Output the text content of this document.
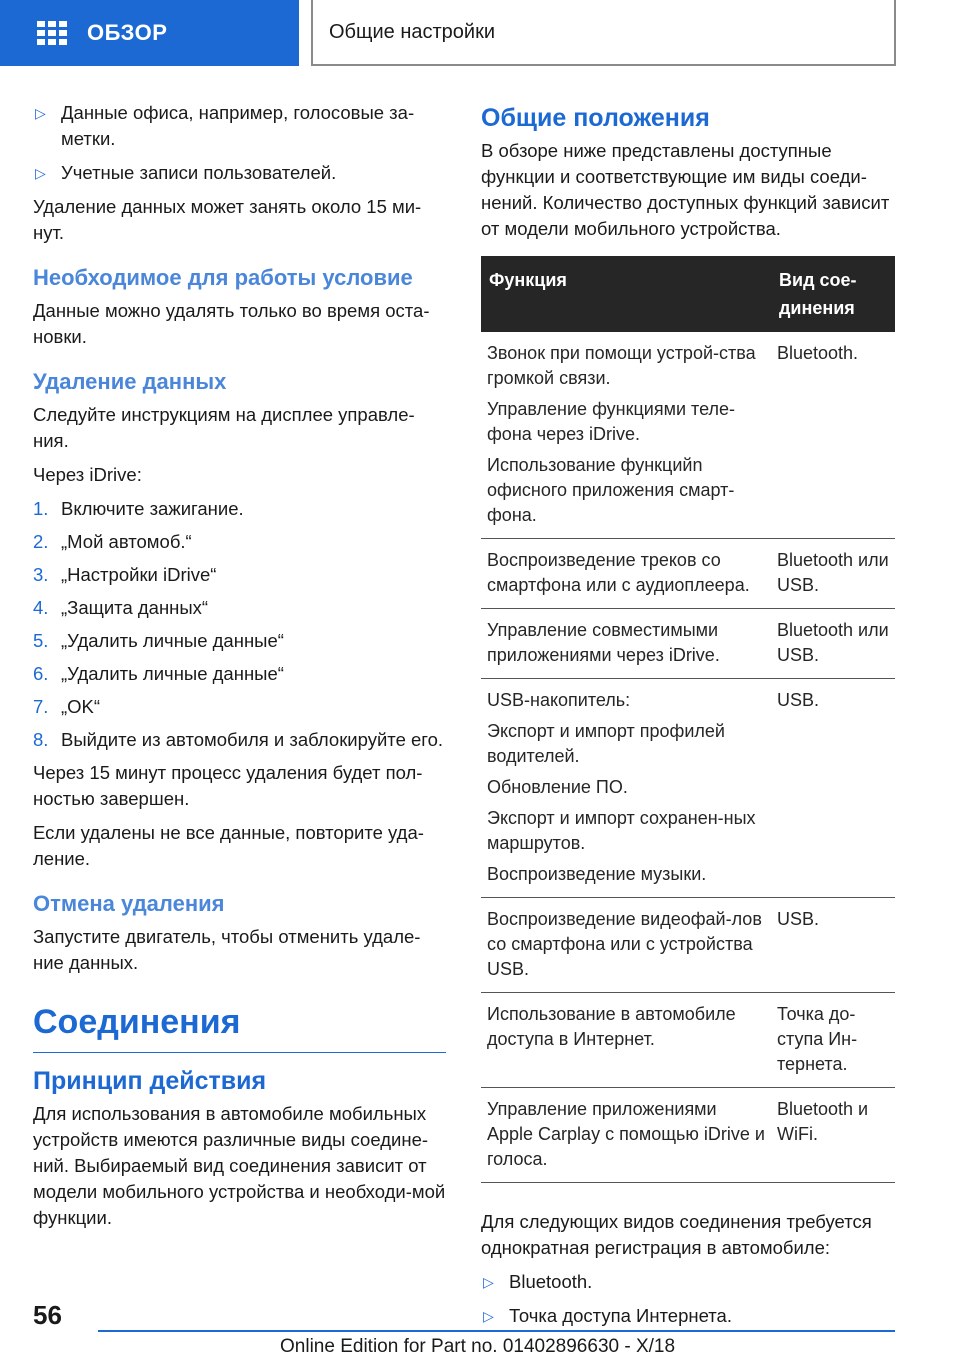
ОБЗОР	Общие настройки
▷ Данные офиса, например, голосовые за-метки.
▷ Учетные записи пользователей.

Удаление данных может занять около 15 ми-нут.

Необходимое для работы условие

Данные можно удалять только во время оста-новки.

Удаление данных

Следуйте инструкциям на дисплее управле-ния.

Через iDrive:

1. Включите зажигание.
2. „Мой автомоб.“
3. „Настройки iDrive“
4. „Защита данных“
5. „Удалить личные данные“
6. „Удалить личные данные“
7. „OK“
8. Выйдите из автомобиля и заблокируйте его.

Через 15 минут процесс удаления будет пол-ностью завершен.

Если удалены не все данные, повторите уда-ление.

Отмена удаления

Запустите двигатель, чтобы отменить удале-ние данных.

Соединения
Принцип действия

Для использования в автомобиле мобильных устройств имеются различные виды соедине-ний. Выбираемый вид соединения зависит от модели мобильного устройства и необходи-мой функции.

Общие положения

В обзоре ниже представлены доступные функции и соответствующие им виды соеди-нений. Количество доступных функций зависит от модели мобильного устройства.

Функция	Вид сое-динения

Звонок при помощи устрой-ства громкой связи.
Управление функциями теле-фона через iDrive.
Использование функцийn офисного приложения смарт-фона.	Bluetooth.

Воспроизведение треков со смартфона или с аудиоплеера.	Bluetooth или USB.

Управление совместимыми приложениями через iDrive.	Bluetooth или USB.

USB-накопитель:
Экспорт и импорт профилей водителей.
Обновление ПО.
Экспорт и импорт сохранен-ных маршрутов.
Воспроизведение музыки.	USB.

Воспроизведение видеофай-лов со смартфона или с устройства USB.	USB.

Использование в автомобиле доступа в Интернет.	Точка до-ступа Ин-тернета.

Управление приложениями Apple Carplay с помощью iDrive и голоса.	Bluetooth и WiFi.

Для следующих видов соединения требуется однократная регистрация в автомобиле:

▷ Bluetooth.
▷ Точка доступа Интернета.
56
Online Edition for Part no. 01402896630 - X/18
